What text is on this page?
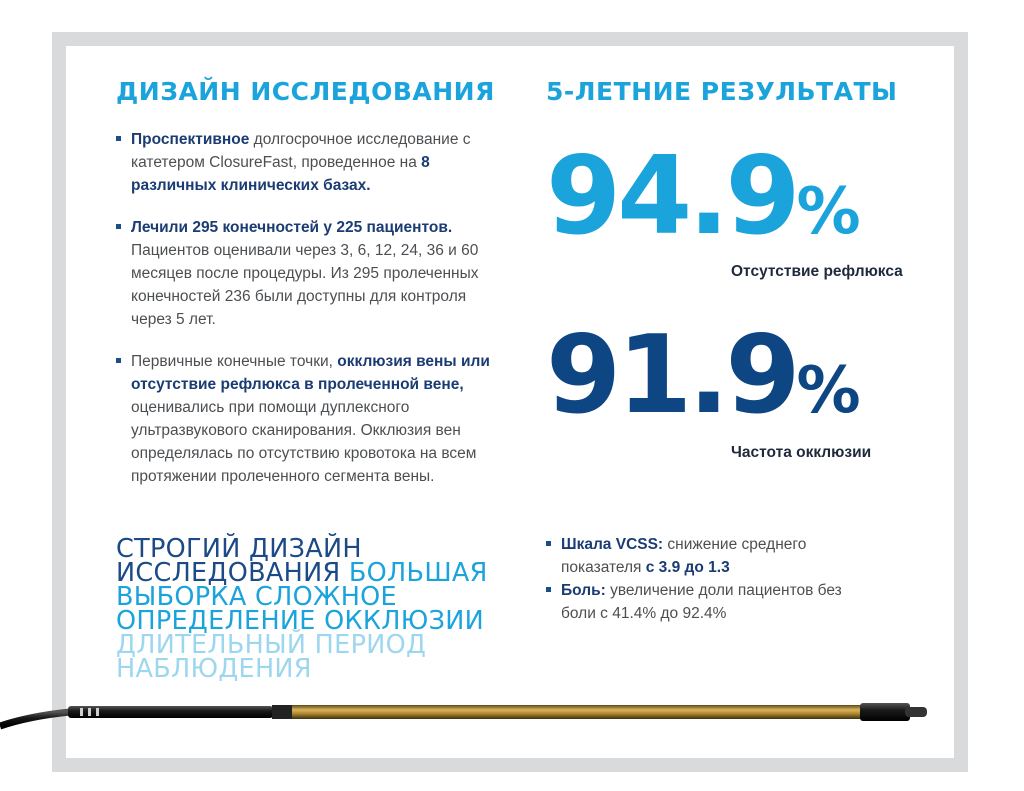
ДИЗАЙН ИССЛЕДОВАНИЯ
Проспективное долгосрочное исследование с катетером ClosureFast, проведенное на 8 различных клинических базах.
Лечили 295 конечностей у 225 пациентов. Пациентов оценивали через 3, 6, 12, 24, 36 и 60 месяцев после процедуры. Из 295 пролеченных конечностей 236 были доступны для контроля через 5 лет.
Первичные конечные точки, окклюзия вены или отсутствие рефлюкса в пролеченной вене, оценивались при помощи дуплексного ультразвукового сканирования. Окклюзия вен определялась по отсутствию кровотока на всем протяжении пролеченного сегмента вены.
СТРОГИЙ ДИЗАЙН ИССЛЕДОВАНИЯ БОЛЬШАЯ ВЫБОРКА СЛОЖНОЕ ОПРЕДЕЛЕНИЕ ОККЛЮЗИИ ДЛИТЕЛЬНЫЙ ПЕРИОД НАБЛЮДЕНИЯ
5-ЛЕТНИЕ РЕЗУЛЬТАТЫ
94.9%
Отсутствие рефлюкса
91.9%
Частота окклюзии
Шкала VCSS: снижение среднего показателя с 3.9 до 1.3
Боль: увеличение доли пациентов без боли с 41.4% до 92.4%
